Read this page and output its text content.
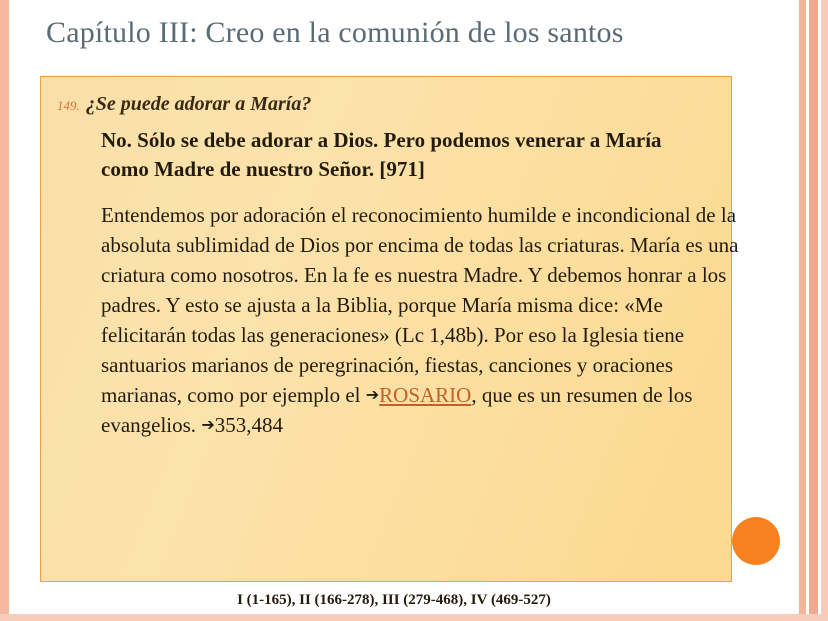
Capítulo III: Creo en la comunión de los santos
149. ¿Se puede adorar a María?
No. Sólo se debe adorar a Dios. Pero podemos venerar a María como Madre de nuestro Señor. [971]
Entendemos por adoración el reconocimiento humilde e incondicional de la absoluta sublimidad de Dios por encima de todas las criaturas. María es una criatura como nosotros. En la fe es nuestra Madre. Y debemos honrar a los padres. Y esto se ajusta a la Biblia, porque María misma dice: «Me felicitarán todas las generaciones» (Lc 1,48b). Por eso la Iglesia tiene santuarios marianos de peregrinación, fiestas, canciones y oraciones marianas, como por ejemplo el ➔ROSARIO, que es un resumen de los evangelios. ➔353,484
I (1-165), II (166-278), III (279-468), IV (469-527)
